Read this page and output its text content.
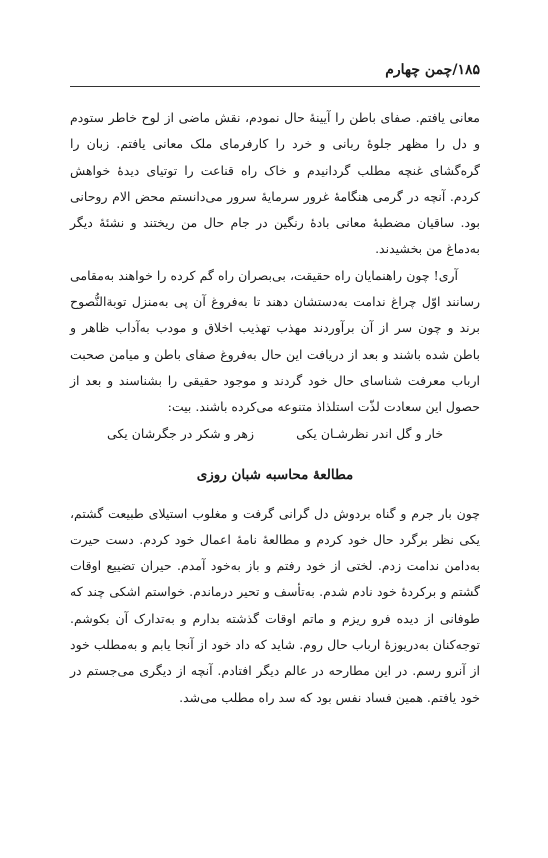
۱۸۵/چمن چهارم

معانی یافتم. صفای باطن را آیینهٔ حال نمودم، نقش ماضی از لوح خاطر ستودم و دل را مظهر جلوهٔ ربانی و خرد را کارفرمای ملک معانی یافتم. زبان را گره‌گشای غنچه مطلب گردانیدم و خاک راه قناعت را توتیای دیدهٔ خواهش کردم. آنچه در گرمی هنگامهٔ غرور سرمایهٔ سرور می‌دانستم محض الام روحانی بود. ساقیان مضطبهٔ معانی بادهٔ رنگین در جام حال من ریختند و نشئهٔ دیگر به‌دماغ من بخشیدند.

آری! چون راهنمایان راه حقیقت، بی‌بصران راه گم کرده را خواهند به‌مقامی رسانند اوّل چراغ ندامت به‌دستشان دهند تا به‌فروغ آن پی به‌منزل توبةالنُّصوح برند و چون سر از آن برآوردند مهذب تهذیب اخلاق و مودب به‌آداب ظاهر و باطن شده باشند و بعد از دریافت این حال به‌فروغ صفای باطن و میامن صحبت ارباب معرفت شناسای حال خود گردند و موجود حقیقی را بشناسند و بعد از حصول این سعادت لذّت استلذاذ متنوعه می‌کرده باشند. بیت:

خار و گل اندر نظرشـان یکی
زهر و شکر در جگرشان یکی
مطالعهٔ محاسبه شبان روزی

چون بار جرم و گناه بردوش دل گرانی گرفت و مغلوب استیلای طبیعت گشتم، یکی نظر برگرد حال خود کردم و مطالعهٔ نامهٔ اعمال خود کردم. دست حیرت به‌دامن ندامت زدم. لختی از خود رفتم و باز به‌خود آمدم. حیران تضییع اوقات گشتم و برکردهٔ خود نادم شدم. به‌تأسف و تحیر درماندم. خواستم اشکی چند که طوفانی از دیده فرو ریزم و ماتم اوقات گذشته بدارم و به‌تدارک آن بکوشم. توجه‌کنان به‌دریوزهٔ ارباب حال روم. شاید که داد خود از آنجا یابم و به‌مطلب خود از آنرو رسم. در این مطارحه در عالم دیگر افتادم. آنچه از دیگری می‌جستم در خود یافتم. همین فساد نفس بود که سد راه مطلب می‌شد.
